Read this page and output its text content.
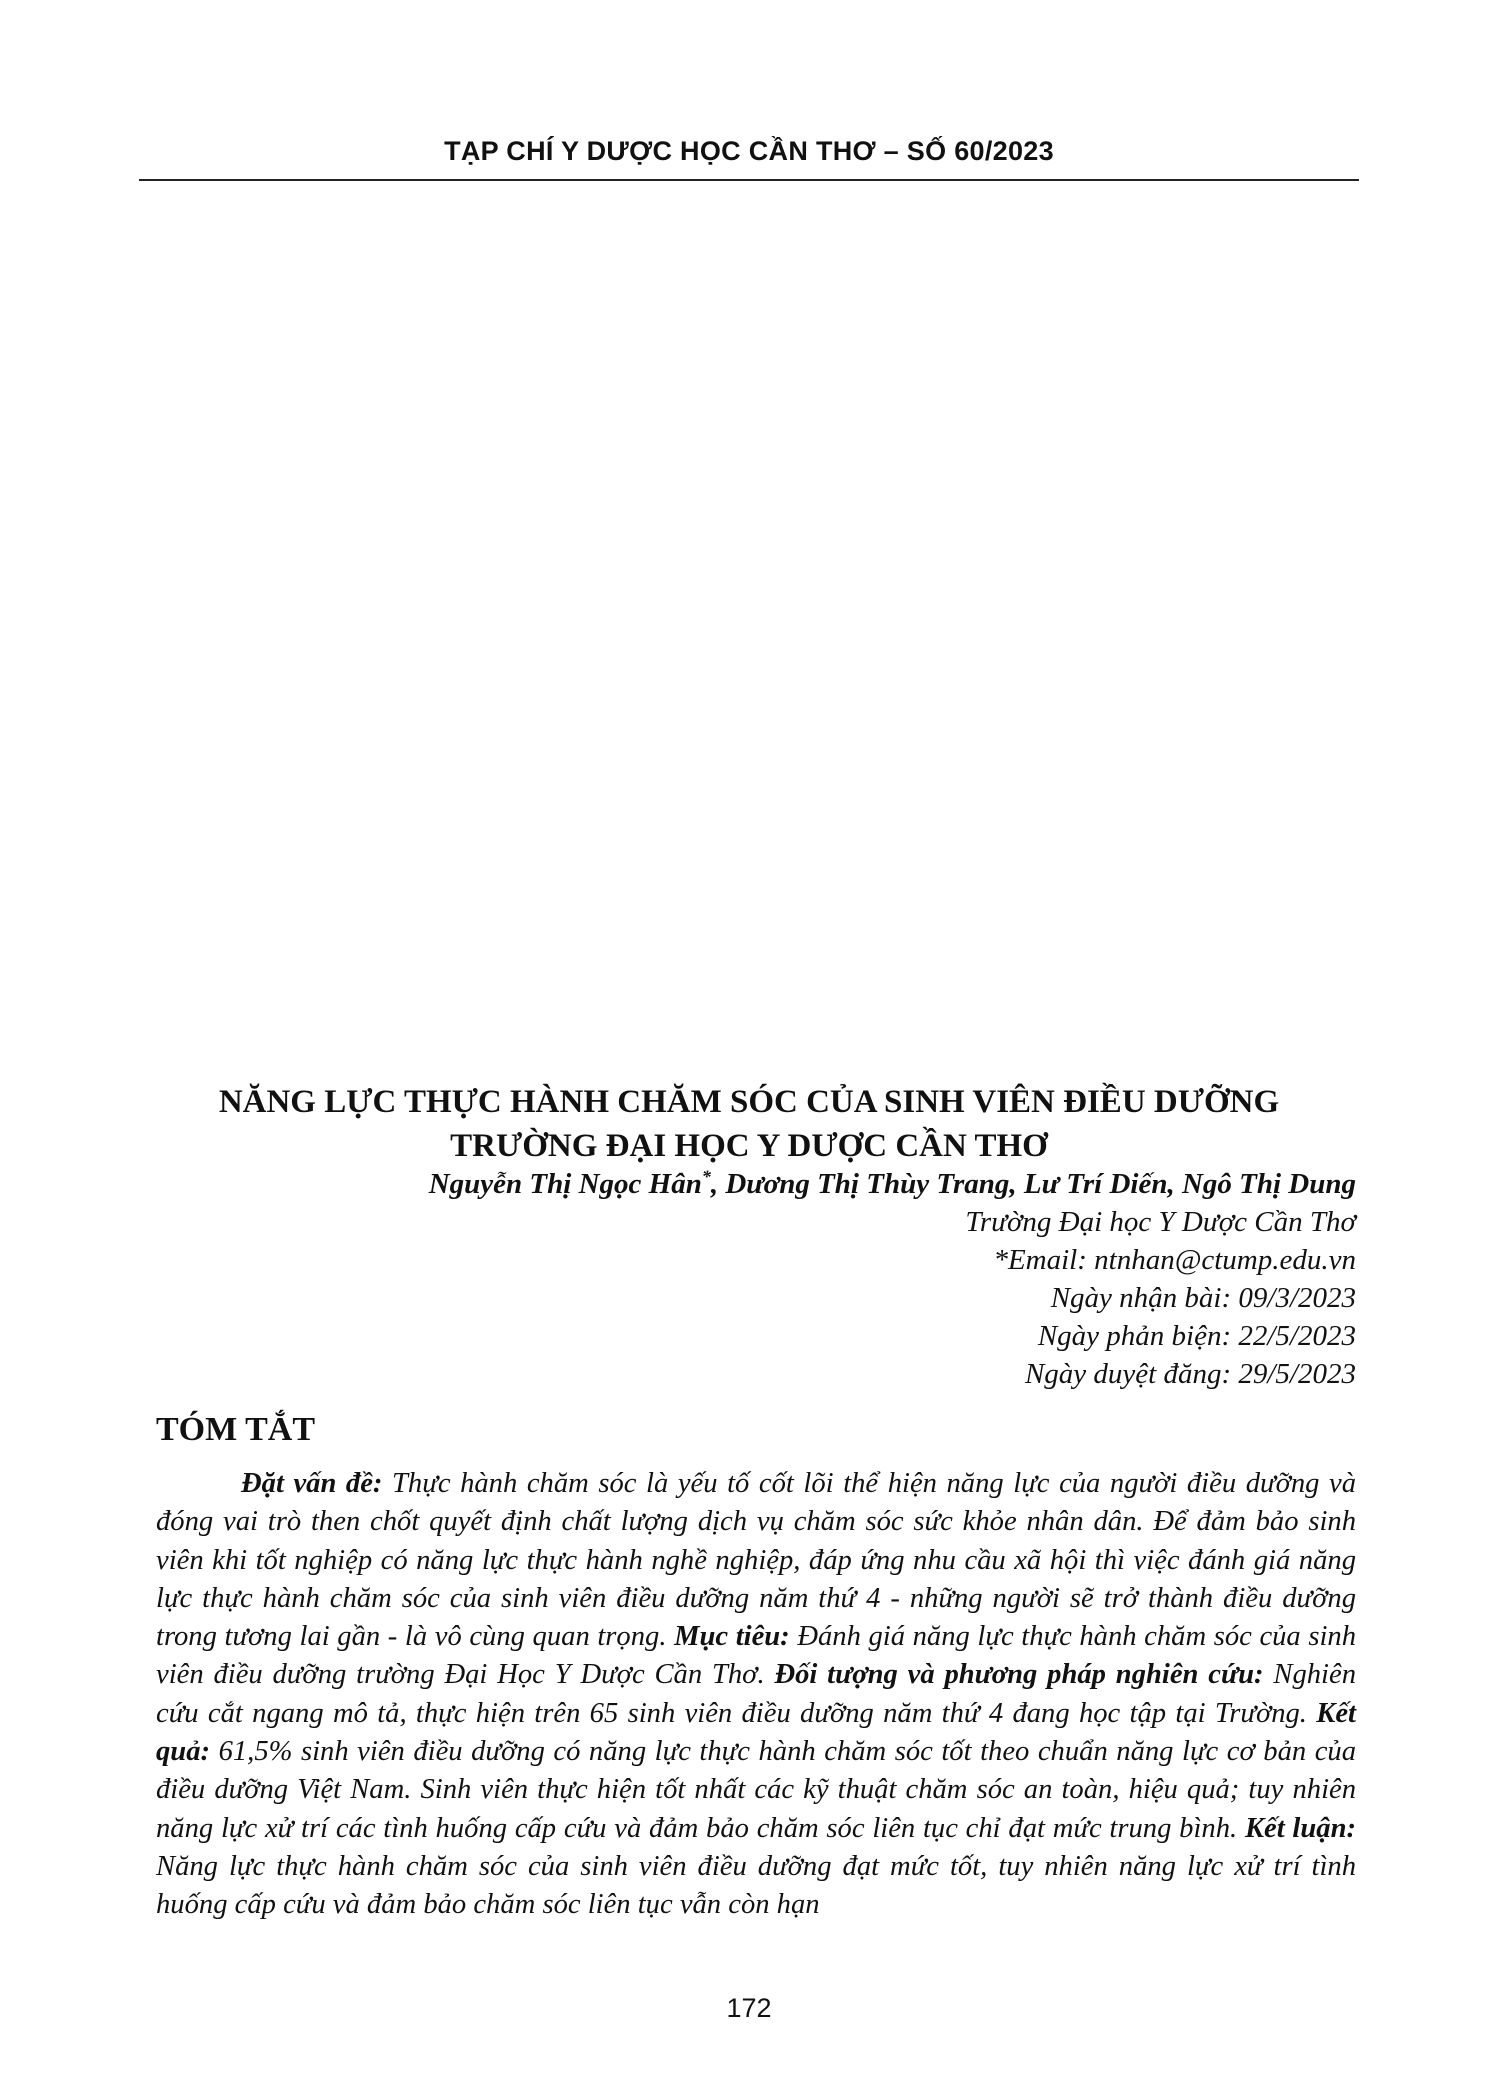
TẠP CHÍ Y DƯỢC HỌC CẦN THƠ – SỐ 60/2023
NĂNG LỰC THỰC HÀNH CHĂM SÓC CỦA SINH VIÊN ĐIỀU DƯỠNG
TRƯỜNG ĐẠI HỌC Y DƯỢC CẦN THƠ
Nguyễn Thị Ngọc Hân*, Dương Thị Thùy Trang, Lư Trí Diến, Ngô Thị Dung
Trường Đại học Y Dược Cần Thơ
*Email: ntnhan@ctump.edu.vn
Ngày nhận bài: 09/3/2023
Ngày phản biện: 22/5/2023
Ngày duyệt đăng: 29/5/2023
TÓM TẮT

Đặt vấn đề: Thực hành chăm sóc là yếu tố cốt lõi thể hiện năng lực của người điều dưỡng và đóng vai trò then chốt quyết định chất lượng dịch vụ chăm sóc sức khỏe nhân dân. Để đảm bảo sinh viên khi tốt nghiệp có năng lực thực hành nghề nghiệp, đáp ứng nhu cầu xã hội thì việc đánh giá năng lực thực hành chăm sóc của sinh viên điều dưỡng năm thứ 4 - những người sẽ trở thành điều dưỡng trong tương lai gần - là vô cùng quan trọng. Mục tiêu: Đánh giá năng lực thực hành chăm sóc của sinh viên điều dưỡng trường Đại Học Y Dược Cần Thơ. Đối tượng và phương pháp nghiên cứu: Nghiên cứu cắt ngang mô tả, thực hiện trên 65 sinh viên điều dưỡng năm thứ 4 đang học tập tại Trường. Kết quả: 61,5% sinh viên điều dưỡng có năng lực thực hành chăm sóc tốt theo chuẩn năng lực cơ bản của điều dưỡng Việt Nam. Sinh viên thực hiện tốt nhất các kỹ thuật chăm sóc an toàn, hiệu quả; tuy nhiên năng lực xử trí các tình huống cấp cứu và đảm bảo chăm sóc liên tục chỉ đạt mức trung bình. Kết luận: Năng lực thực hành chăm sóc của sinh viên điều dưỡng đạt mức tốt, tuy nhiên năng lực xử trí tình huống cấp cứu và đảm bảo chăm sóc liên tục vẫn còn hạn

172
